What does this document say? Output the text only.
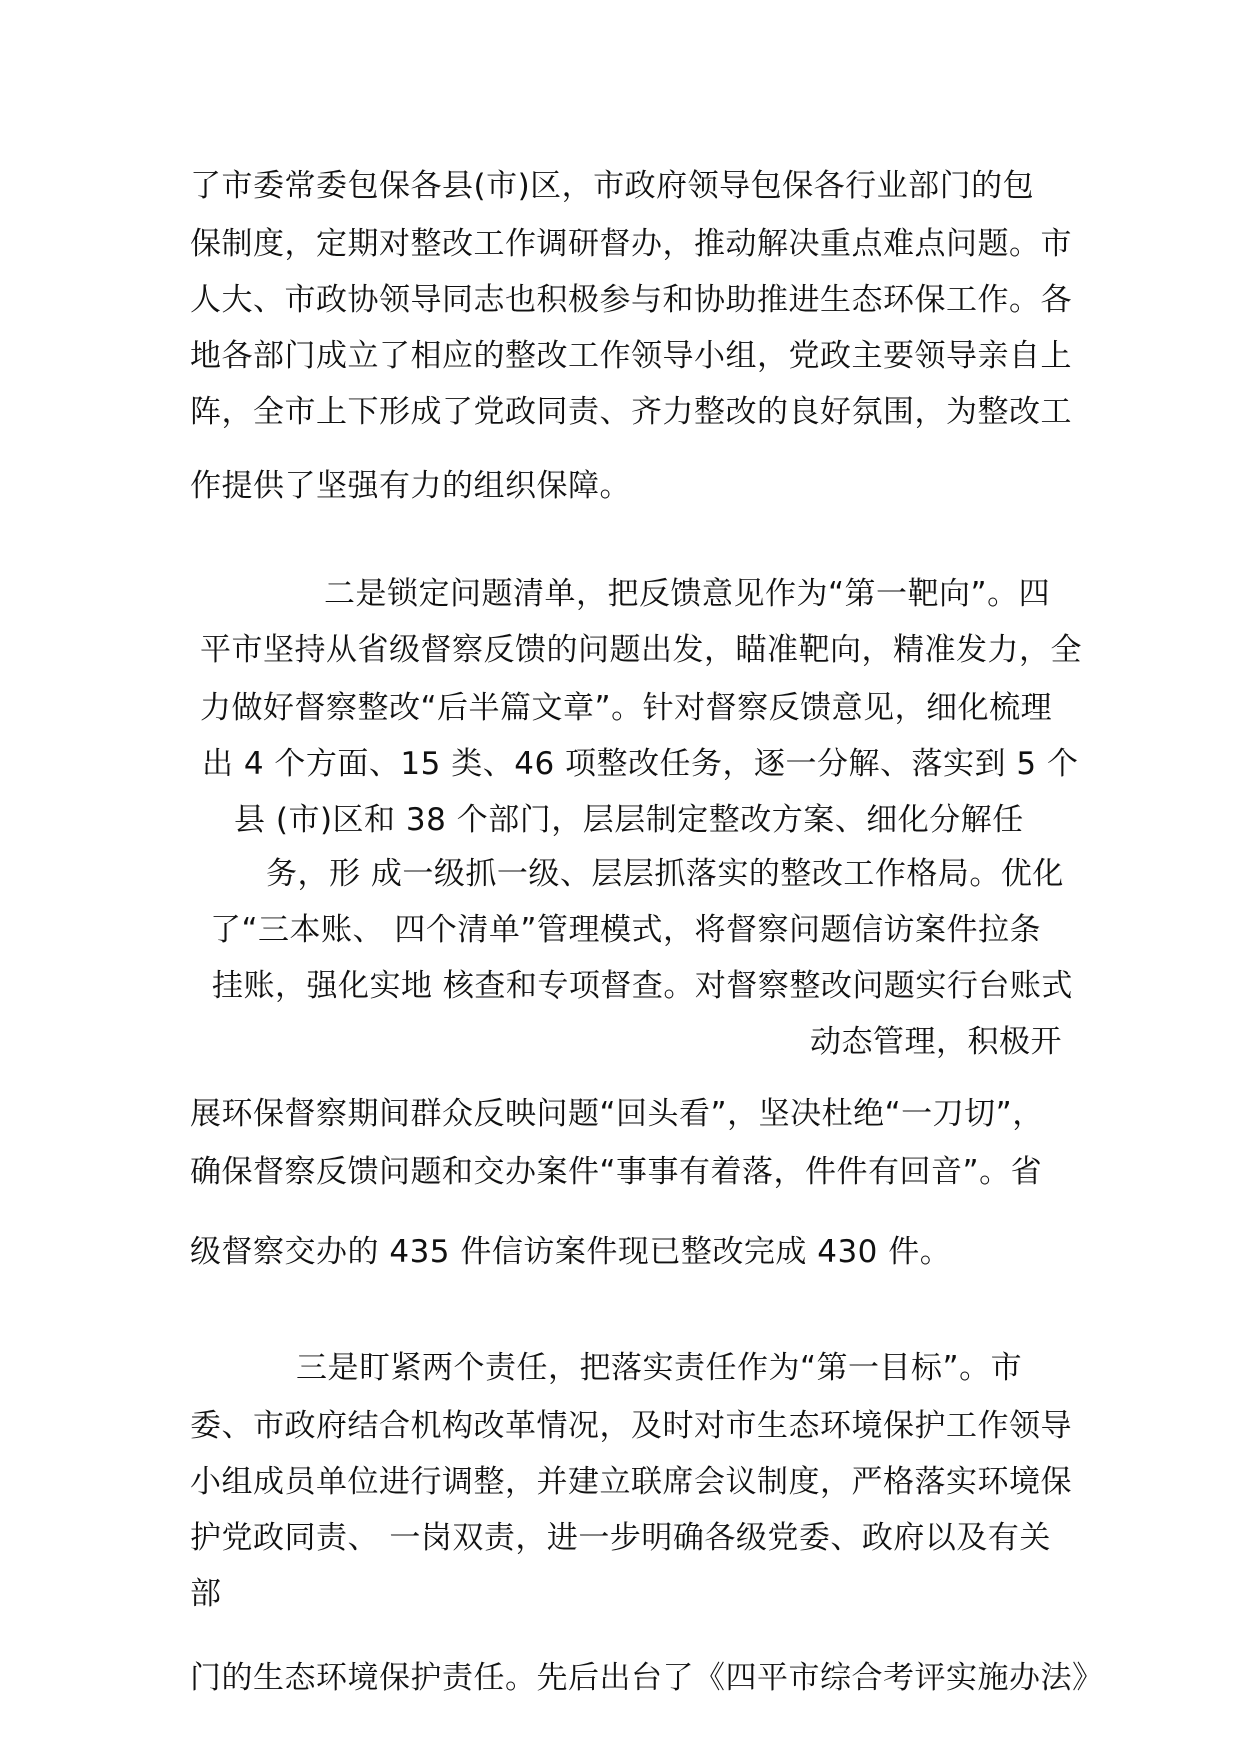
了市委常委包保各县(市)区，市政府领导包保各行业部门的包
保制度，定期对整改工作调研督办，推动解决重点难点问题。市
人大、市政协领导同志也积极参与和协助推进生态环保工作。各
地各部门成立了相应的整改工作领导小组，党政主要领导亲自上
阵，全市上下形成了党政同责、齐力整改的良好氛围，为整改工
作提供了坚强有力的组织保障。
二是锁定问题清单，把反馈意见作为“第一靶向”。四
平市坚持从省级督察反馈的问题出发，瞄准靶向，精准发力，全
力做好督察整改“后半篇文章”。针对督察反馈意见，细化梳理
出 4 个方面、15 类、46 项整改任务，逐一分解、落实到 5 个
县 (市)区和 38 个部门，层层制定整改方案、细化分解任
务，形 成一级抓一级、层层抓落实的整改工作格局。优化
了“三本账、 四个清单”管理模式，将督察问题信访案件拉条
挂账，强化实地 核查和专项督查。对督察整改问题实行台账式
动态管理，积极开
展环保督察期间群众反映问题“回头看”，坚决杜绝“一刀切”，
确保督察反馈问题和交办案件“事事有着落，件件有回音”。省
级督察交办的 435 件信访案件现已整改完成 430 件。
三是盯紧两个责任，把落实责任作为“第一目标”。市
委、市政府结合机构改革情况，及时对市生态环境保护工作领导
小组成员单位进行调整，并建立联席会议制度，严格落实环境保
护党政同责、 一岗双责，进一步明确各级党委、政府以及有关
部
门的生态环境保护责任。先后出台了《四平市综合考评实施办法》
